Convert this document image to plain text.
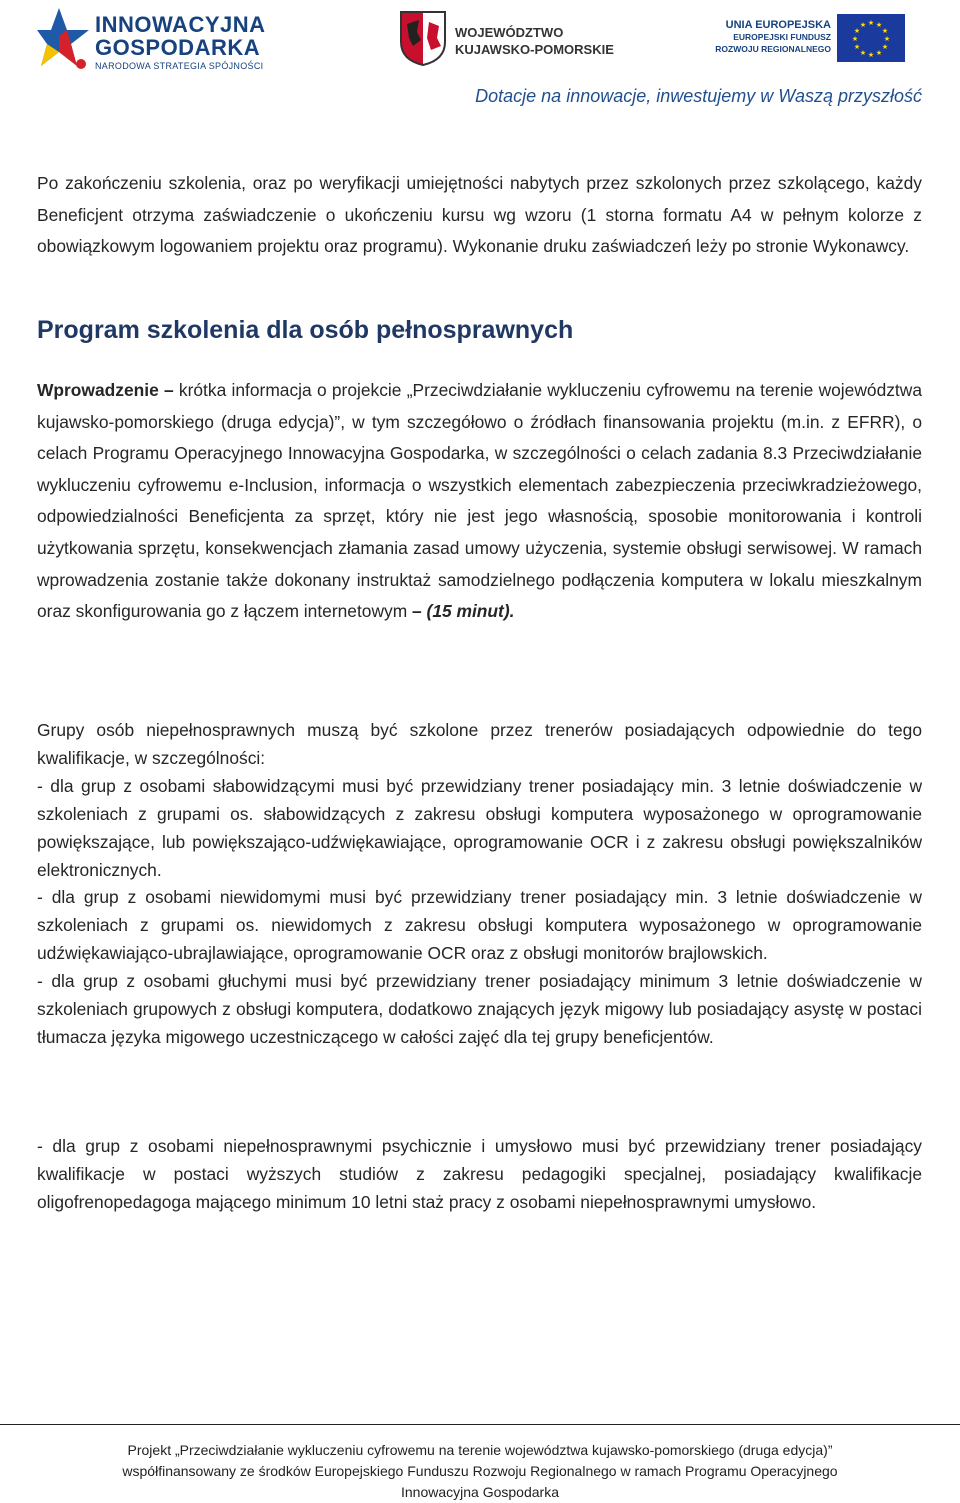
INNOWACYJNA
GOSPODARKA
NARODOWA STRATEGIA SPÓJNOŚCI
WOJEWÓDZTWO
KUJAWSKO-POMORSKIE
UNIA EUROPEJSKA
EUROPEJSKI FUNDUSZ
ROZWOJU REGIONALNEGO
★ ★
★
★
★
★
★
★
★
★
★
★
Dotacje na innowacje, inwestujemy w Waszą przyszłość

Po zakończeniu szkolenia, oraz po weryfikacji umiejętności nabytych przez szkolonych przez szkolącego, każdy Beneficjent otrzyma zaświadczenie o ukończeniu kursu wg wzoru (1 storna formatu A4 w pełnym kolorze z obowiązkowym logowaniem projektu oraz programu). Wykonanie druku zaświadczeń leży po stronie Wykonawcy.

Program szkolenia dla osób pełnosprawnych

Wprowadzenie – krótka informacja o projekcie „Przeciwdziałanie wykluczeniu cyfrowemu na terenie województwa kujawsko-pomorskiego (druga edycja)”, w tym szczegółowo o źródłach finansowania projektu (m.in. z EFRR), o celach Programu Operacyjnego Innowacyjna Gospodarka, w szczególności o celach zadania 8.3 Przeciwdziałanie wykluczeniu cyfrowemu e-Inclusion, informacja o wszystkich elementach zabezpieczenia przeciwkradzieżowego, odpowiedzialności Beneficjenta za sprzęt, który nie jest jego własnością, sposobie monitorowania i kontroli użytkowania sprzętu, konsekwencjach złamania zasad umowy użyczenia, systemie obsługi serwisowej. W ramach wprowadzenia zostanie także dokonany instruktaż samodzielnego podłączenia komputera w lokalu mieszkalnym oraz skonfigurowania go z łączem internetowym – (15 minut).

Grupy osób niepełnosprawnych muszą być szkolone przez trenerów posiadających odpowiednie do tego kwalifikacje, w szczególności:

- dla grup z osobami słabowidzącymi musi być przewidziany trener posiadający min. 3 letnie doświadczenie w szkoleniach z grupami os. słabowidzących z zakresu obsługi komputera wyposażonego w oprogramowanie powiększające, lub powiększająco-udźwiękawiające, oprogramowanie OCR i z zakresu obsługi powiększalników elektronicznych.

- dla grup z osobami niewidomymi musi być przewidziany trener posiadający min. 3 letnie doświadczenie w szkoleniach z grupami os. niewidomych z zakresu obsługi komputera wyposażonego w oprogramowanie udźwiękawiająco-ubrajlawiające, oprogramowanie OCR oraz z obsługi monitorów brajlowskich.

- dla grup z osobami głuchymi musi być przewidziany trener posiadający minimum 3 letnie doświadczenie w szkoleniach grupowych z obsługi komputera, dodatkowo znających język migowy lub posiadający asystę w postaci tłumacza języka migowego uczestniczącego w całości zajęć dla tej grupy beneficjentów.

- dla grup z osobami niepełnosprawnymi psychicznie i umysłowo musi być przewidziany trener posiadający kwalifikacje w postaci wyższych studiów z zakresu pedagogiki specjalnej, posiadający kwalifikacje oligofrenopedagoga mającego minimum 10 letni staż pracy z osobami niepełnosprawnymi umysłowo.

Projekt „Przeciwdziałanie wykluczeniu cyfrowemu na terenie województwa kujawsko-pomorskiego (druga edycja)”
współfinansowany ze środków Europejskiego Funduszu Rozwoju Regionalnego w ramach Programu Operacyjnego
Innowacyjna Gospodarka
